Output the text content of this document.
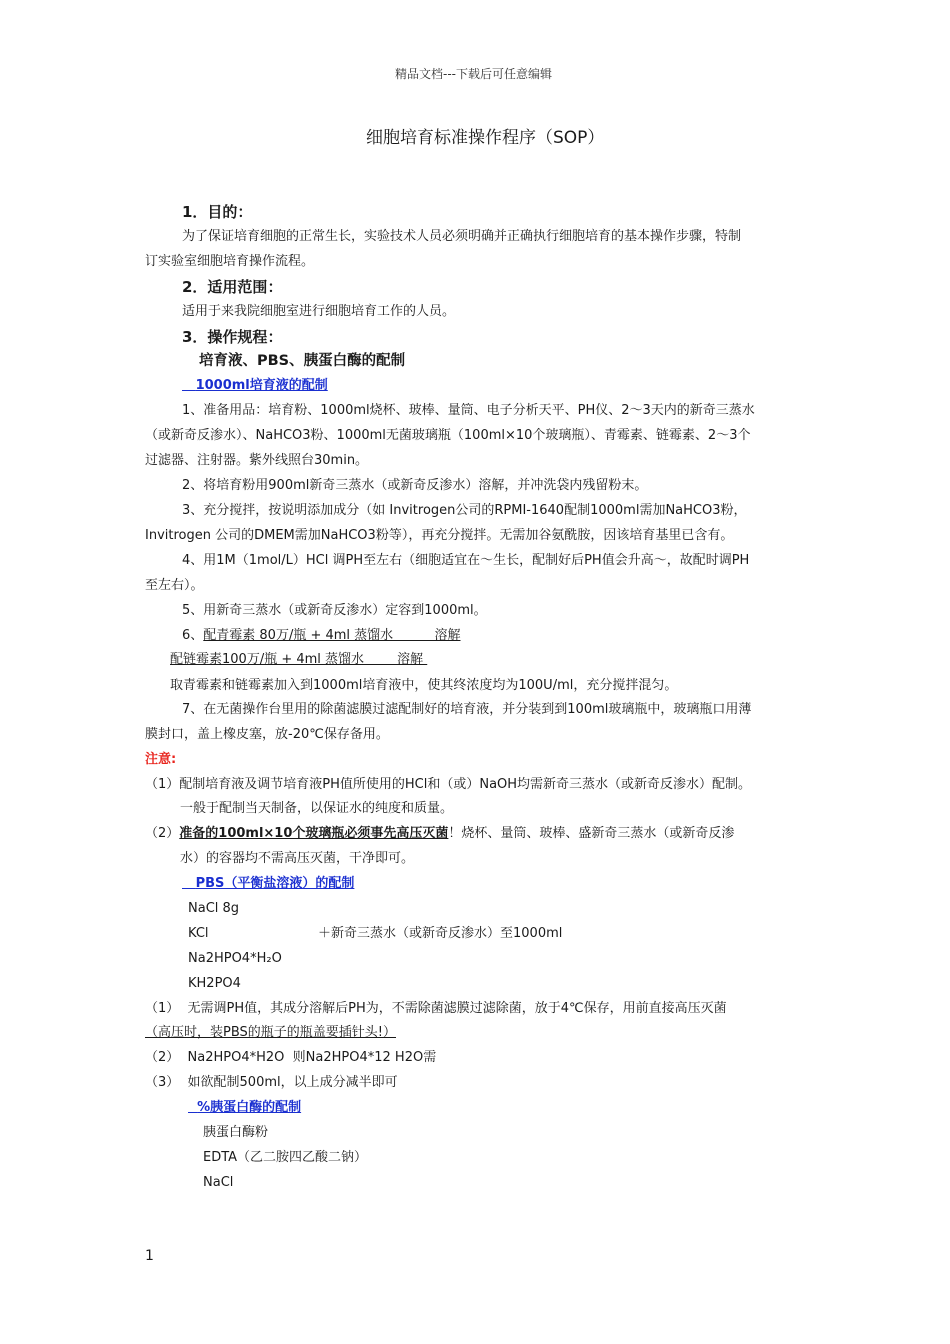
精品文档---下载后可任意编辑
细胞培育标准操作程序（SOP）
1．目的：
为了保证培育细胞的正常生长，实验技术人员必须明确并正确执行细胞培育的基本操作步骤，特制
订实验室细胞培育操作流程。
2．适用范围：
适用于来我院细胞室进行细胞培育工作的人员。
3．操作规程：
培育液、PBS、胰蛋白酶的配制
1000ml培育液的配制
1、准备用品：培育粉、1000ml烧杯、玻棒、量筒、电子分析天平、PH仪、2～3天内的新奇三蒸水
（或新奇反渗水）、NaHCO3粉、1000ml无菌玻璃瓶（100ml×10个玻璃瓶）、青霉素、链霉素、2～3个
过滤器、注射器。紫外线照台30min。
2、将培育粉用900ml新奇三蒸水（或新奇反渗水）溶解，并冲洗袋内残留粉末。
3、充分搅拌，按说明添加成分（如 Invitrogen公司的RPMI-1640配制1000ml需加NaHCO3粉，
Invitrogen 公司的DMEM需加NaHCO3粉等），再充分搅拌。无需加谷氨酰胺，因该培育基里已含有。
4、用1M（1mol/L）HCl 调PH至左右（细胞适宜在～生长，配制好后PH值会升高～，故配时调PH
至左右）。
5、用新奇三蒸水（或新奇反渗水）定容到1000ml。
6、配青霉素 80万/瓶 + 4ml 蒸馏水          溶解
配链霉素100万/瓶 + 4ml 蒸馏水        溶解
取青霉素和链霉素加入到1000ml培育液中，使其终浓度均为100U/ml，充分搅拌混匀。
7、在无菌操作台里用的除菌滤膜过滤配制好的培育液，并分装到到100ml玻璃瓶中，玻璃瓶口用薄
膜封口，盖上橡皮塞，放-20℃保存备用。
注意:
（1）配制培育液及调节培育液PH值所使用的HCl和（或）NaOH均需新奇三蒸水（或新奇反渗水）配制。
一般于配制当天制备，以保证水的纯度和质量。
（2）准备的100ml×10个玻璃瓶必须事先高压灭菌！烧杯、量筒、玻棒、盛新奇三蒸水（或新奇反渗
水）的容器均不需高压灭菌，干净即可。
PBS（平衡盐溶液）的配制
NaCl 8g
KCl	＋新奇三蒸水（或新奇反渗水）至1000ml
Na2HPO4*H₂O
KH2PO4
（1）  无需调PH值，其成分溶解后PH为，不需除菌滤膜过滤除菌，放于4℃保存，用前直接高压灭菌
（高压时，装PBS的瓶子的瓶盖要插针头!）
（2）  Na2HPO4*H2O  则Na2HPO4*12 H2O需
（3）  如欲配制500ml，以上成分减半即可
%胰蛋白酶的配制
胰蛋白酶粉
EDTA（乙二胺四乙酸二钠）
NaCl
1
